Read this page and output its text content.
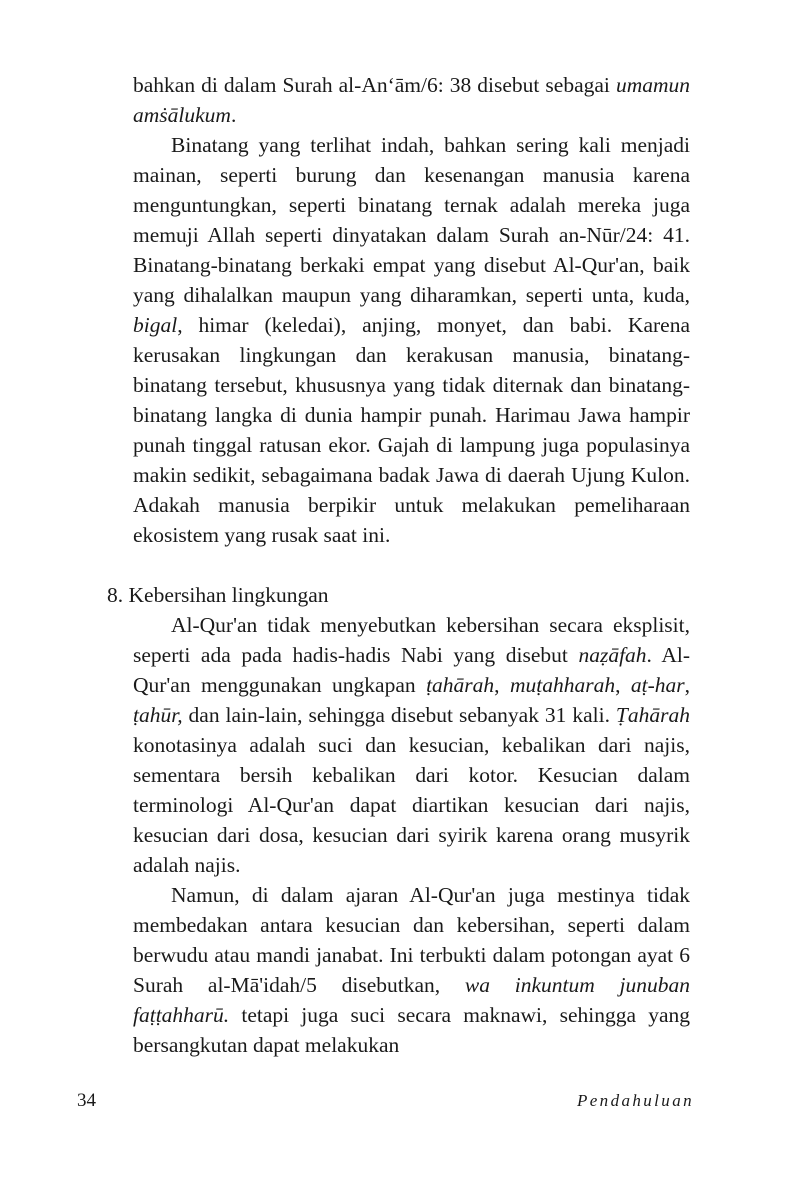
bahkan di dalam Surah al-An‘ām/6: 38 disebut sebagai umamun amṡālukum.

Binatang yang terlihat indah, bahkan sering kali menjadi mainan, seperti burung dan kesenangan manusia karena menguntungkan, seperti binatang ternak adalah mereka juga memuji Allah seperti dinyatakan dalam Surah an-Nūr/24: 41. Binatang-binatang berkaki empat yang disebut Al-Qur'an, baik yang dihalalkan maupun yang diharamkan, seperti unta, kuda, bigal, himar (keledai), anjing, monyet, dan babi. Karena kerusakan lingkungan dan kerakusan manusia, binatang-binatang tersebut, khususnya yang tidak diternak dan binatang-binatang langka di dunia hampir punah. Harimau Jawa hampir punah tinggal ratusan ekor. Gajah di lampung juga populasinya makin sedikit, sebagaimana badak Jawa di daerah Ujung Kulon. Adakah manusia berpikir untuk melakukan pemeliharaan ekosistem yang rusak saat ini.

8. Kebersihan lingkungan

Al-Qur'an tidak menyebutkan kebersihan secara eksplisit, seperti ada pada hadis-hadis Nabi yang disebut naẓāfah. Al-Qur'an menggunakan ungkapan ṭahārah, muṭahharah, aṭ-har, ṭahūr, dan lain-lain, sehingga disebut sebanyak 31 kali. Ṭahārah konotasinya adalah suci dan kesucian, kebalikan dari najis, sementara bersih kebalikan dari kotor. Kesucian dalam terminologi Al-Qur'an dapat diartikan kesucian dari najis, kesucian dari dosa, kesucian dari syirik karena orang musyrik adalah najis.

Namun, di dalam ajaran Al-Qur'an juga mestinya tidak membedakan antara kesucian dan kebersihan, seperti dalam berwudu atau mandi janabat. Ini terbukti dalam potongan ayat 6 Surah al-Mā'idah/5 disebutkan, wa inkuntum junuban faṭṭahharū. tetapi juga suci secara maknawi, sehingga yang bersangkutan dapat melakukan

34	Pendahuluan
